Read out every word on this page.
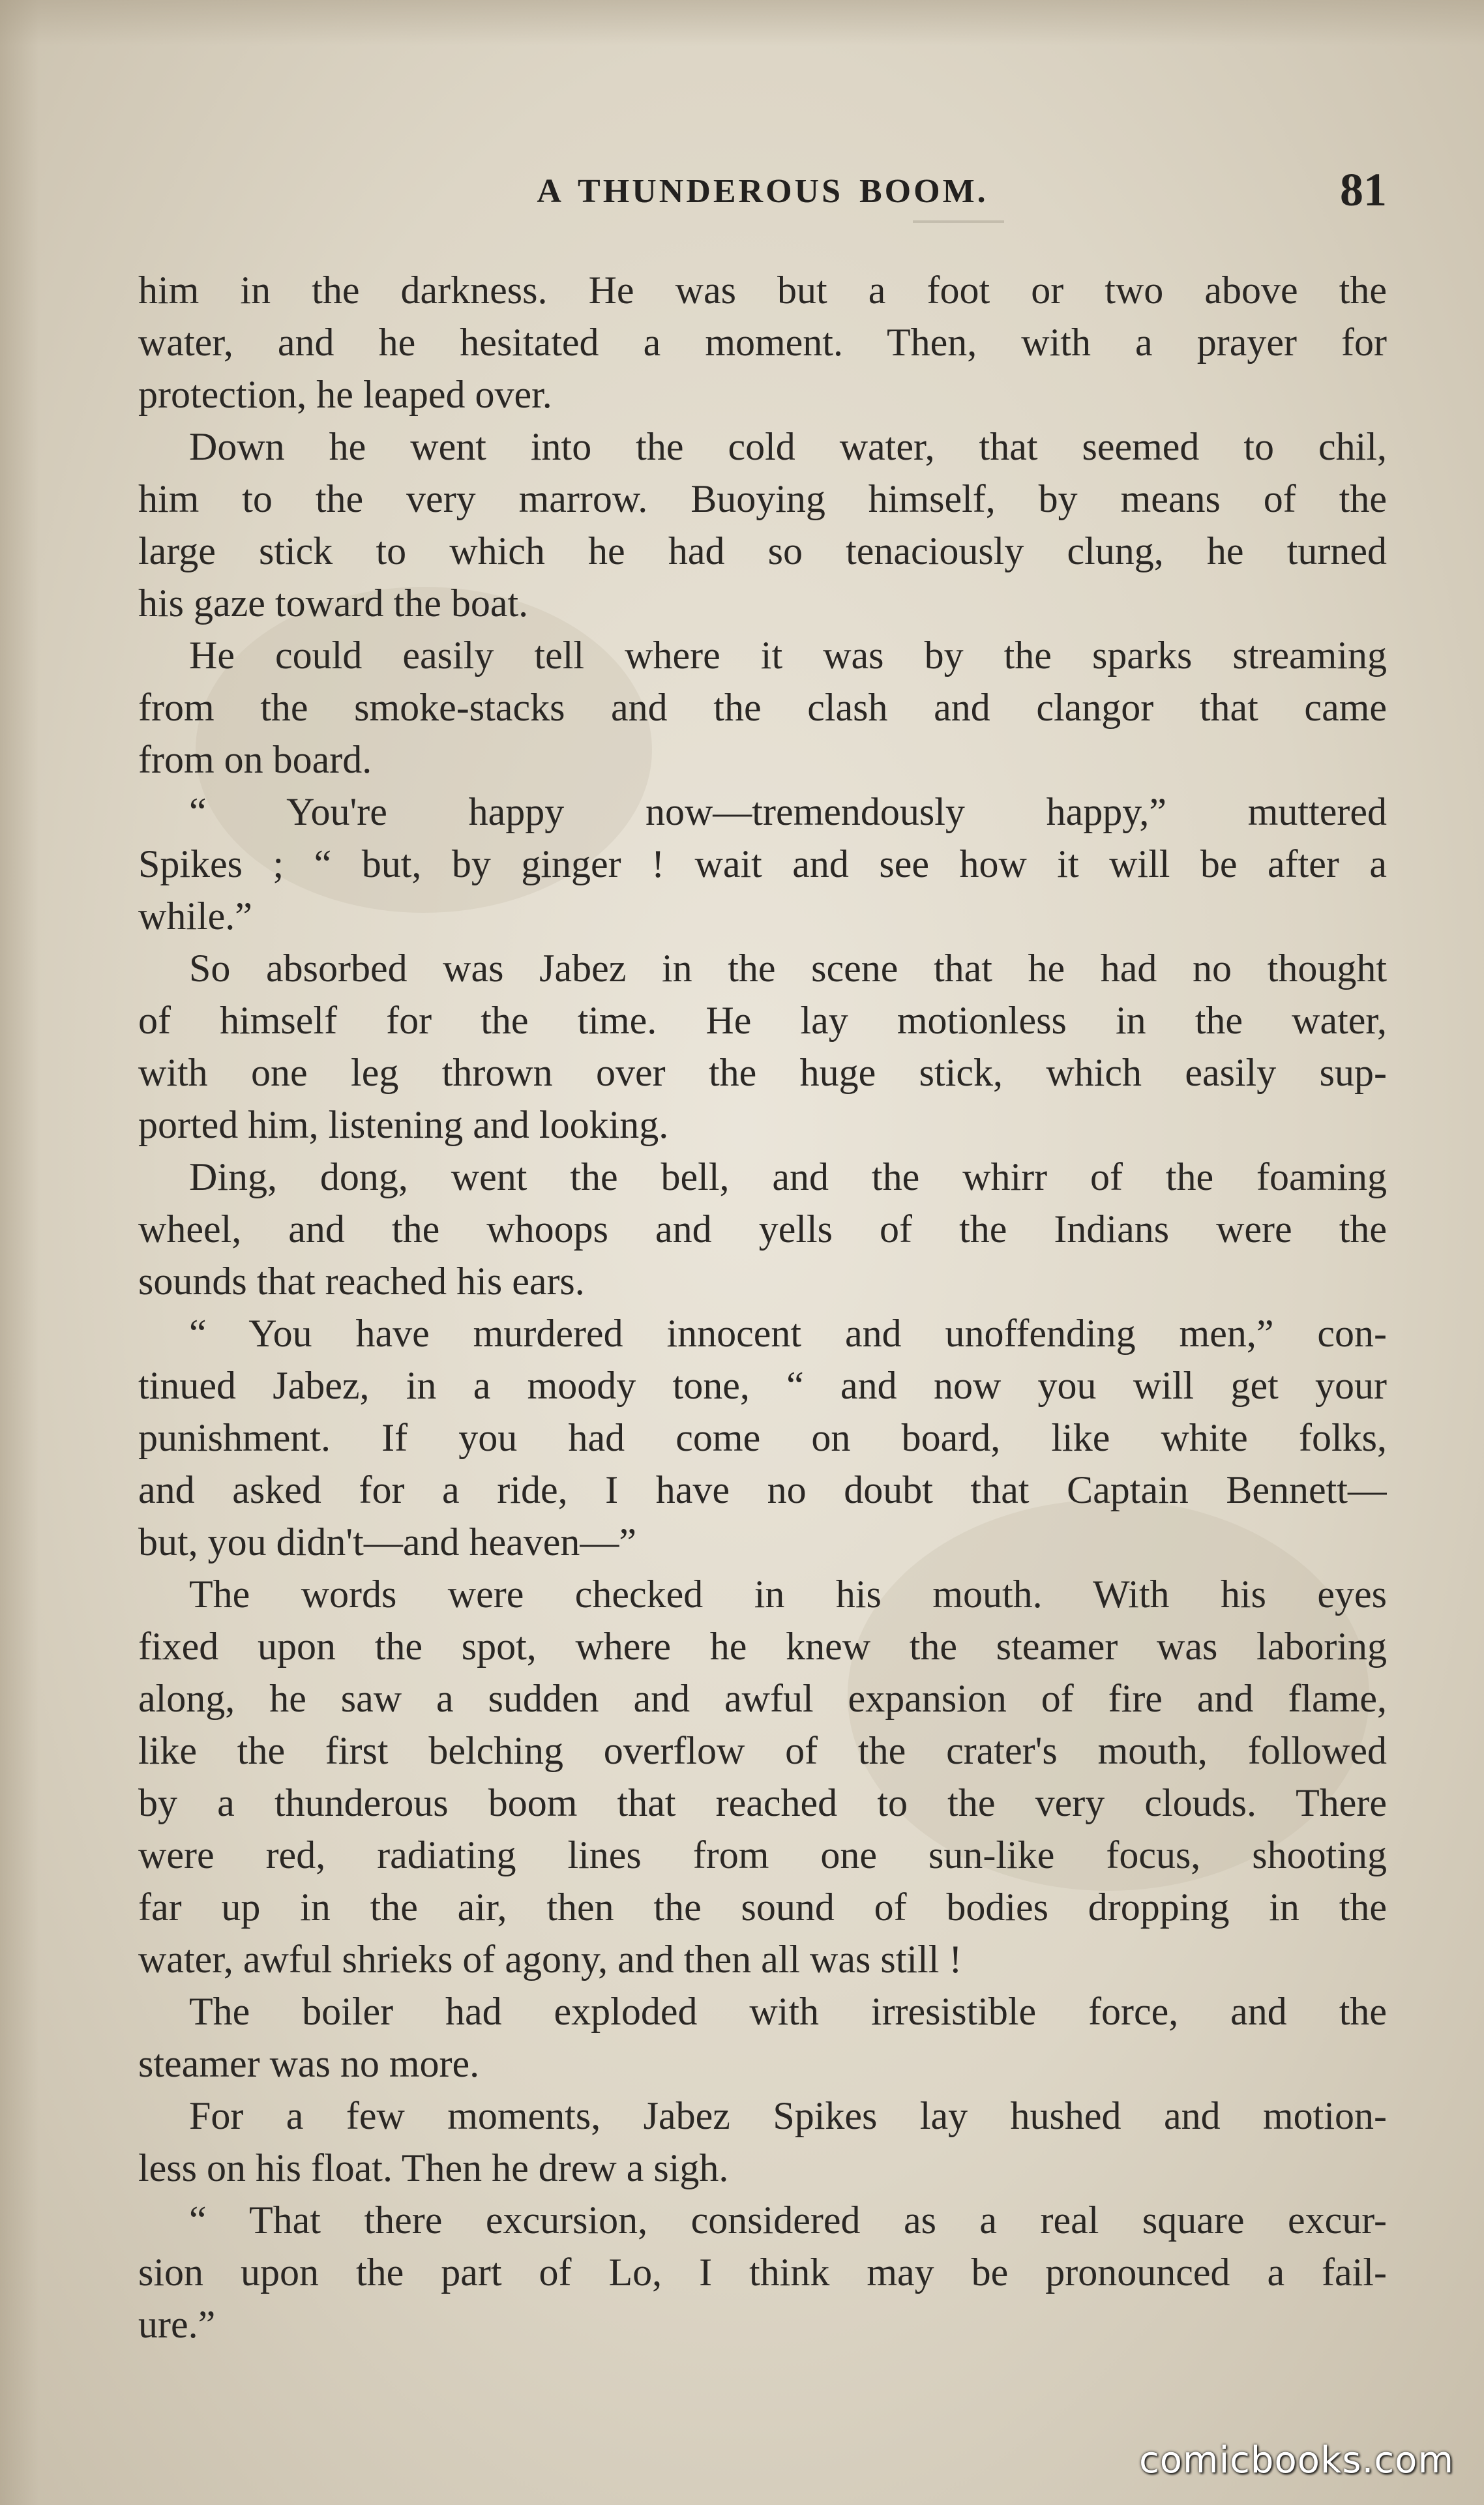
A THUNDEROUS BOOM.	81
him in the darkness. He was but a foot or two above the
water, and he hesitated a moment. Then, with a prayer for
protection, he leaped over.
Down he went into the cold water, that seemed to chil,
him to the very marrow. Buoying himself, by means of the
large stick to which he had so tenaciously clung, he turned
his gaze toward the boat.
He could easily tell where it was by the sparks streaming
from the smoke-stacks and the clash and clangor that came
from on board.
“ You're happy now—tremendously happy,” muttered
Spikes ; “ but, by ginger ! wait and see how it will be after a
while.”
So absorbed was Jabez in the scene that he had no thought
of himself for the time. He lay motionless in the water,
with one leg thrown over the huge stick, which easily sup-
ported him, listening and looking.
Ding, dong, went the bell, and the whirr of the foaming
wheel, and the whoops and yells of the Indians were the
sounds that reached his ears.
“ You have murdered innocent and unoffending men,” con-
tinued Jabez, in a moody tone, “ and now you will get your
punishment. If you had come on board, like white folks,
and asked for a ride, I have no doubt that Captain Bennett—
but, you didn't—and heaven—”
The words were checked in his mouth. With his eyes
fixed upon the spot, where he knew the steamer was laboring
along, he saw a sudden and awful expansion of fire and flame,
like the first belching overflow of the crater's mouth, followed
by a thunderous boom that reached to the very clouds. There
were red, radiating lines from one sun-like focus, shooting
far up in the air, then the sound of bodies dropping in the
water, awful shrieks of agony, and then all was still !
The boiler had exploded with irresistible force, and the
steamer was no more.
For a few moments, Jabez Spikes lay hushed and motion-
less on his float. Then he drew a sigh.
“ That there excursion, considered as a real square excur-
sion upon the part of Lo, I think may be pronounced a fail-
ure.”
comicbooks.com
